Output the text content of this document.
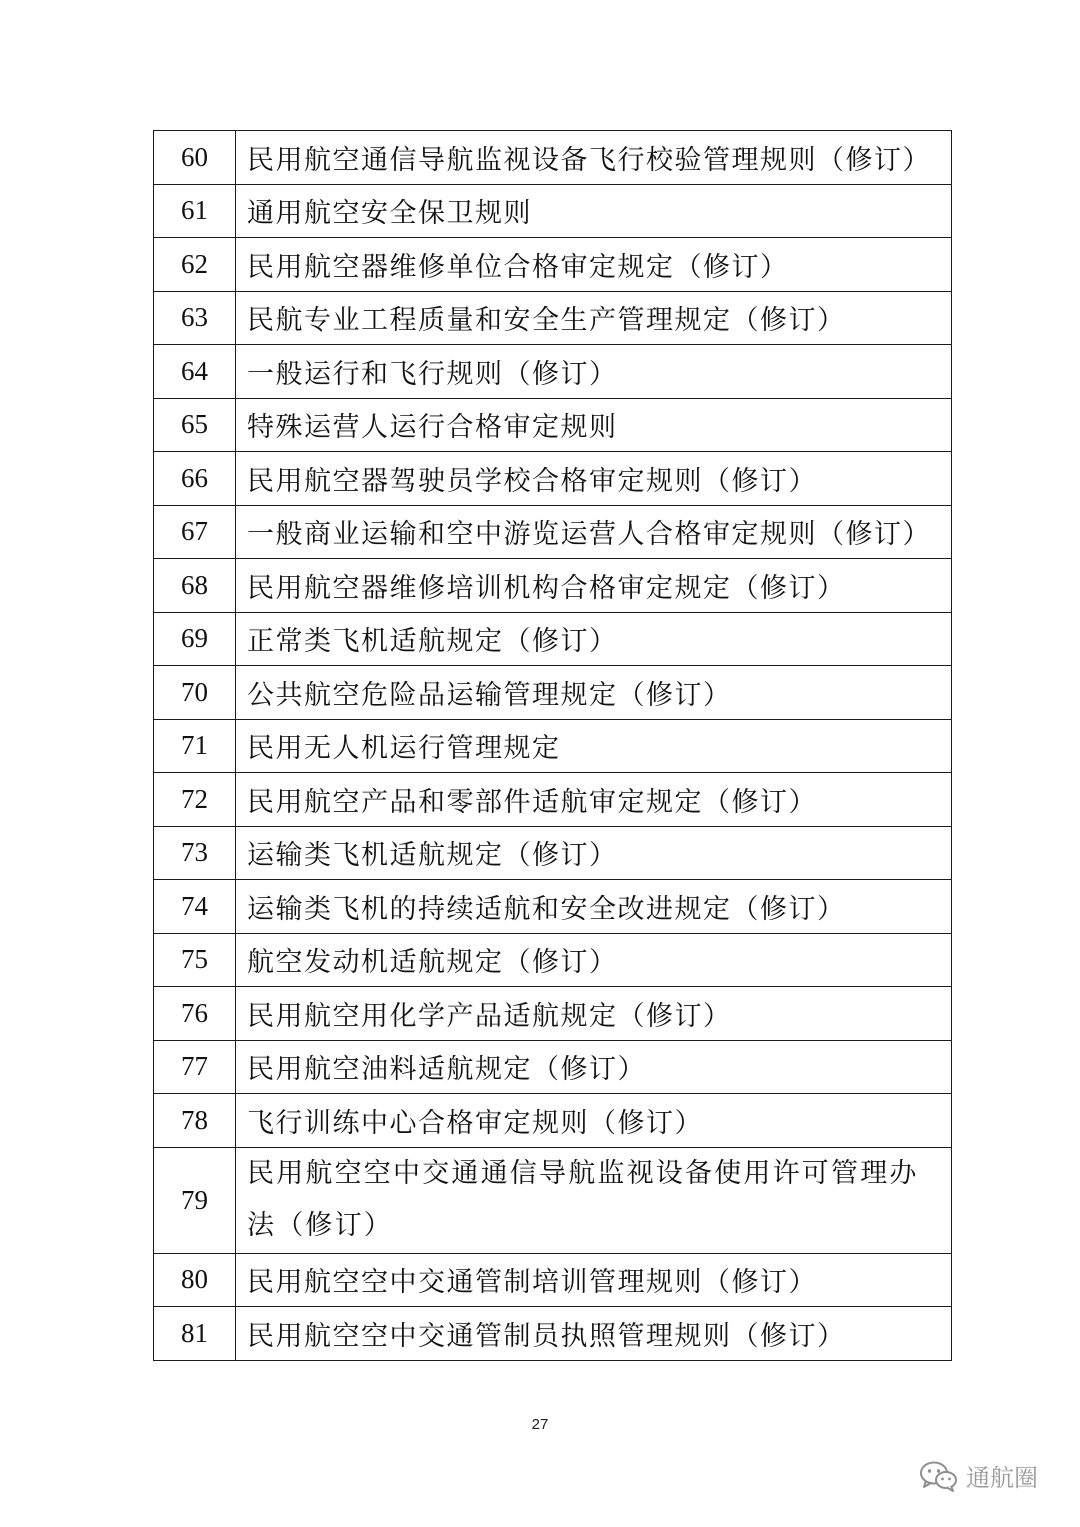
60	民用航空通信导航监视设备飞行校验管理规则（修订）
61	通用航空安全保卫规则
62	民用航空器维修单位合格审定规定（修订）
63	民航专业工程质量和安全生产管理规定（修订）
64	一般运行和飞行规则（修订）
65	特殊运营人运行合格审定规则
66	民用航空器驾驶员学校合格审定规则（修订）
67	一般商业运输和空中游览运营人合格审定规则（修订）
68	民用航空器维修培训机构合格审定规定（修订）
69	正常类飞机适航规定（修订）
70	公共航空危险品运输管理规定（修订）
71	民用无人机运行管理规定
72	民用航空产品和零部件适航审定规定（修订）
73	运输类飞机适航规定（修订）
74	运输类飞机的持续适航和安全改进规定（修订）
75	航空发动机适航规定（修订）
76	民用航空用化学产品适航规定（修订）
77	民用航空油料适航规定（修订）
78	飞行训练中心合格审定规则（修订）
79	民用航空空中交通通信导航监视设备使用许可管理办法（修订）
80	民用航空空中交通管制培训管理规则（修订）
81	民用航空空中交通管制员执照管理规则（修订）
27
通航圈
